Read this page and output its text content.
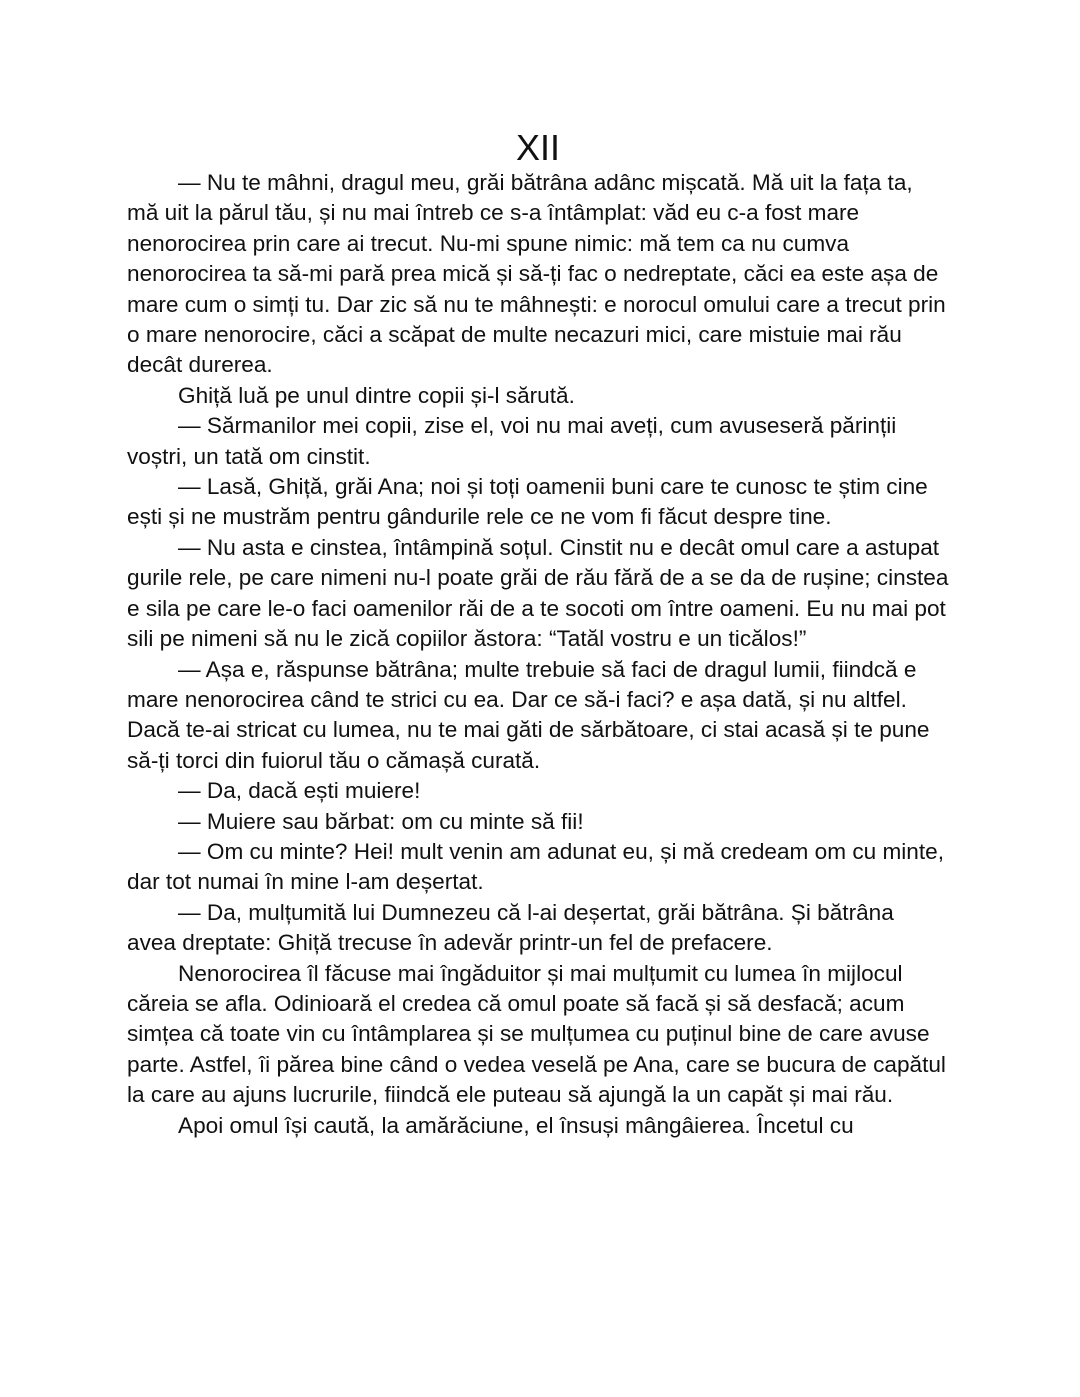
XII

— Nu te mâhni, dragul meu, grăi bătrâna adânc mișcată. Mă uit la fața ta, mă uit la părul tău, și nu mai întreb ce s-a întâmplat: văd eu c-a fost mare nenorocirea prin care ai trecut. Nu-mi spune nimic: mă tem ca nu cumva nenorocirea ta să-mi pară prea mică și să-ți fac o nedreptate, căci ea este așa de mare cum o simți tu. Dar zic să nu te mâhnești: e norocul omului care a trecut prin o mare nenorocire, căci a scăpat de multe necazuri mici, care mistuie mai rău decât durerea.

Ghiță luă pe unul dintre copii și-l sărută.

— Sărmanilor mei copii, zise el, voi nu mai aveți, cum avuseseră părinții voștri, un tată om cinstit.

— Lasă, Ghiță, grăi Ana; noi și toți oamenii buni care te cunosc te știm cine ești și ne mustrăm pentru gândurile rele ce ne vom fi făcut despre tine.

— Nu asta e cinstea, întâmpină soțul. Cinstit nu e decât omul care a astupat gurile rele, pe care nimeni nu-l poate grăi de rău fără de a se da de rușine; cinstea e sila pe care le-o faci oamenilor răi de a te socoti om între oameni. Eu nu mai pot sili pe nimeni să nu le zică copiilor ăstora: “Tatăl vostru e un ticălos!”

— Așa e, răspunse bătrâna; multe trebuie să faci de dragul lumii, fiindcă e mare nenorocirea când te strici cu ea. Dar ce să-i faci? e așa dată, și nu altfel. Dacă te-ai stricat cu lumea, nu te mai găti de sărbătoare, ci stai acasă și te pune să-ți torci din fuiorul tău o cămașă curată.

— Da, dacă ești muiere!

— Muiere sau bărbat: om cu minte să fii!

— Om cu minte? Hei! mult venin am adunat eu, și mă credeam om cu minte, dar tot numai în mine l-am deșertat.

— Da, mulțumită lui Dumnezeu că l-ai deșertat, grăi bătrâna. Și bătrâna avea dreptate: Ghiță trecuse în adevăr printr-un fel de prefacere.

Nenorocirea îl făcuse mai îngăduitor și mai mulțumit cu lumea în mijlocul căreia se afla. Odinioară el credea că omul poate să facă și să desfacă; acum simțea că toate vin cu întâmplarea și se mulțumea cu puținul bine de care avuse parte. Astfel, îi părea bine când o vedea veselă pe Ana, care se bucura de capătul la care au ajuns lucrurile, fiindcă ele puteau să ajungă la un capăt și mai rău.

Apoi omul își caută, la amărăciune, el însuși mângâierea. Încetul cu
